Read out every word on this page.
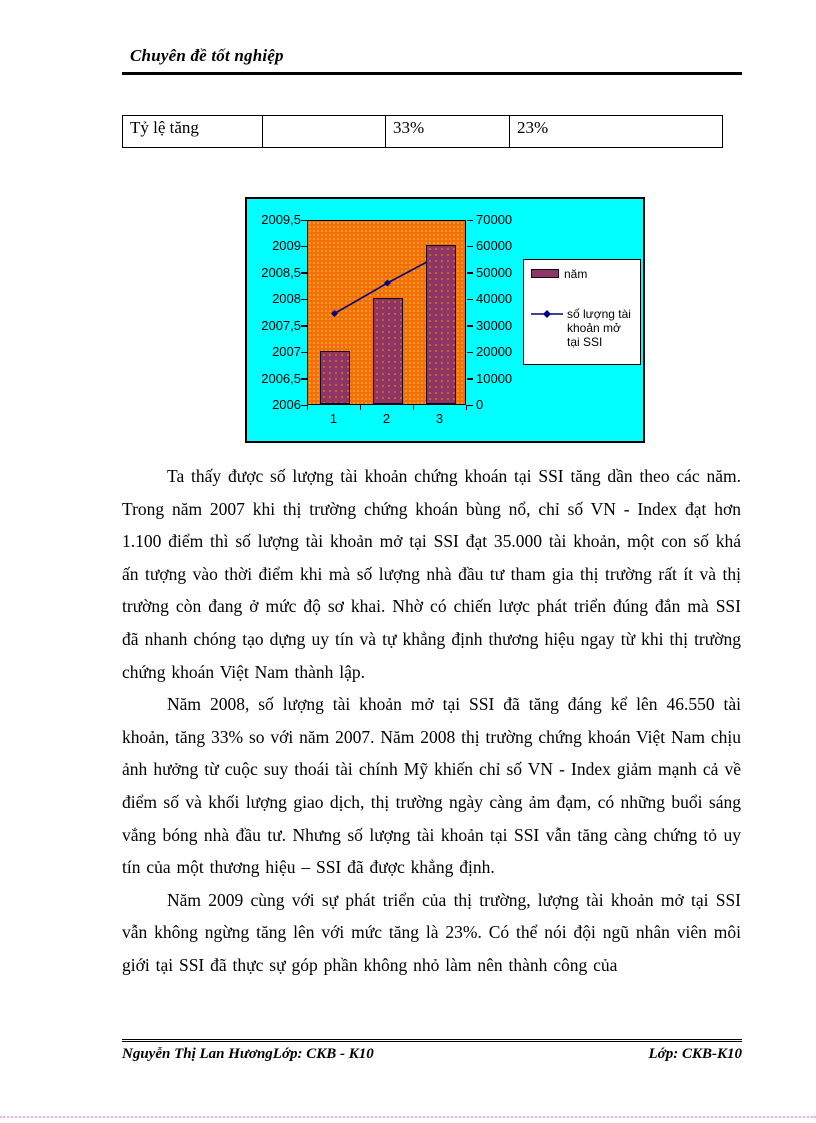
Chuyên đề tốt nghiệp
Tỷ lệ tăng		33%	23%
năm
số lượng tài khoản mở tại SSI
1	2	3
2009,5
2009
2008,5
2008
2007,5
2007
2006,5
2006
70000
60000
50000
40000
30000
20000
10000
0

Ta thấy được số lượng tài khoản chứng khoán tại SSI tăng dần theo các năm. Trong năm 2007 khi thị trường chứng khoán bùng nổ, chỉ số VN - Index đạt hơn 1.100 điểm thì số lượng tài khoản mở tại SSI đạt 35.000 tài khoản, một con số khá ấn tượng vào thời điểm khi mà số lượng nhà đầu tư tham gia thị trường rất ít và thị trường còn đang ở mức độ sơ khai. Nhờ có chiến lược phát triển đúng đắn mà SSI đã nhanh chóng tạo dựng uy tín và tự khẳng định thương hiệu ngay từ khi thị trường chứng khoán Việt Nam thành lập.

Năm 2008, số lượng tài khoản mở tại SSI đã tăng đáng kể lên 46.550 tài khoản, tăng 33% so với năm 2007. Năm 2008 thị trường chứng khoán Việt Nam chịu ảnh hưởng từ cuộc suy thoái tài chính Mỹ khiến chỉ số VN - Index giảm mạnh cả về điểm số và khối lượng giao dịch, thị trường ngày càng ảm đạm, có những buổi sáng vắng bóng nhà đầu tư. Nhưng số lượng tài khoản tại SSI vẫn tăng càng chứng tỏ uy tín của một thương hiệu – SSI đã được khẳng định.

Năm 2009 cùng với sự phát triển của thị trường, lượng tài khoản mở tại SSI vẫn không ngừng tăng lên với mức tăng là 23%. Có thể nói đội ngũ nhân viên môi giới tại SSI đã thực sự góp phần không nhỏ làm nên thành công của

Nguyễn Thị Lan HươngLớp: CKB - K10	Lớp: CKB-K10
